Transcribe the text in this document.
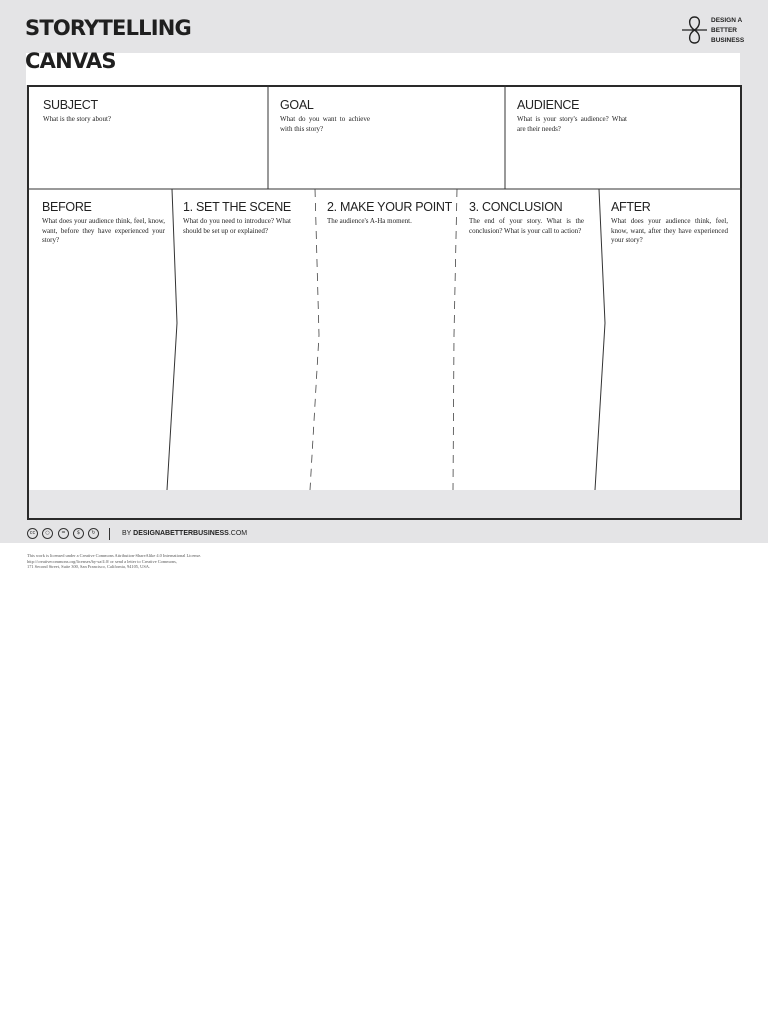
STORYTELLING
CANVAS
DESIGN A
BETTER
BUSINESS
SUBJECT
What is the story about?
GOAL
What do you want to achieve with this story?
AUDIENCE
What is your story's audience? What are their needs?
BEFORE
What does your audience think, feel, know, want, before they have experienced your story?
1. SET THE SCENE
What do you need to introduce? What should be set up or explained?
2. MAKE YOUR POINT
The audience's A-Ha moment.
3. CONCLUSION
The end of your story. What is the conclusion? What is your call to action?
AFTER
What does your audience think, feel, know, want, after they have experienced your story?
cc	○	=	$	↻	BY DESIGNABETTERBUSINESS.COM
This work is licensed under a Creative Commons Attribution-ShareAlike 4.0 International License.
http://creativecommons.org/licenses/by-sa/4.0/ or send a letter to Creative Commons,
171 Second Street, Suite 300, San Francisco, California, 94105, USA.
